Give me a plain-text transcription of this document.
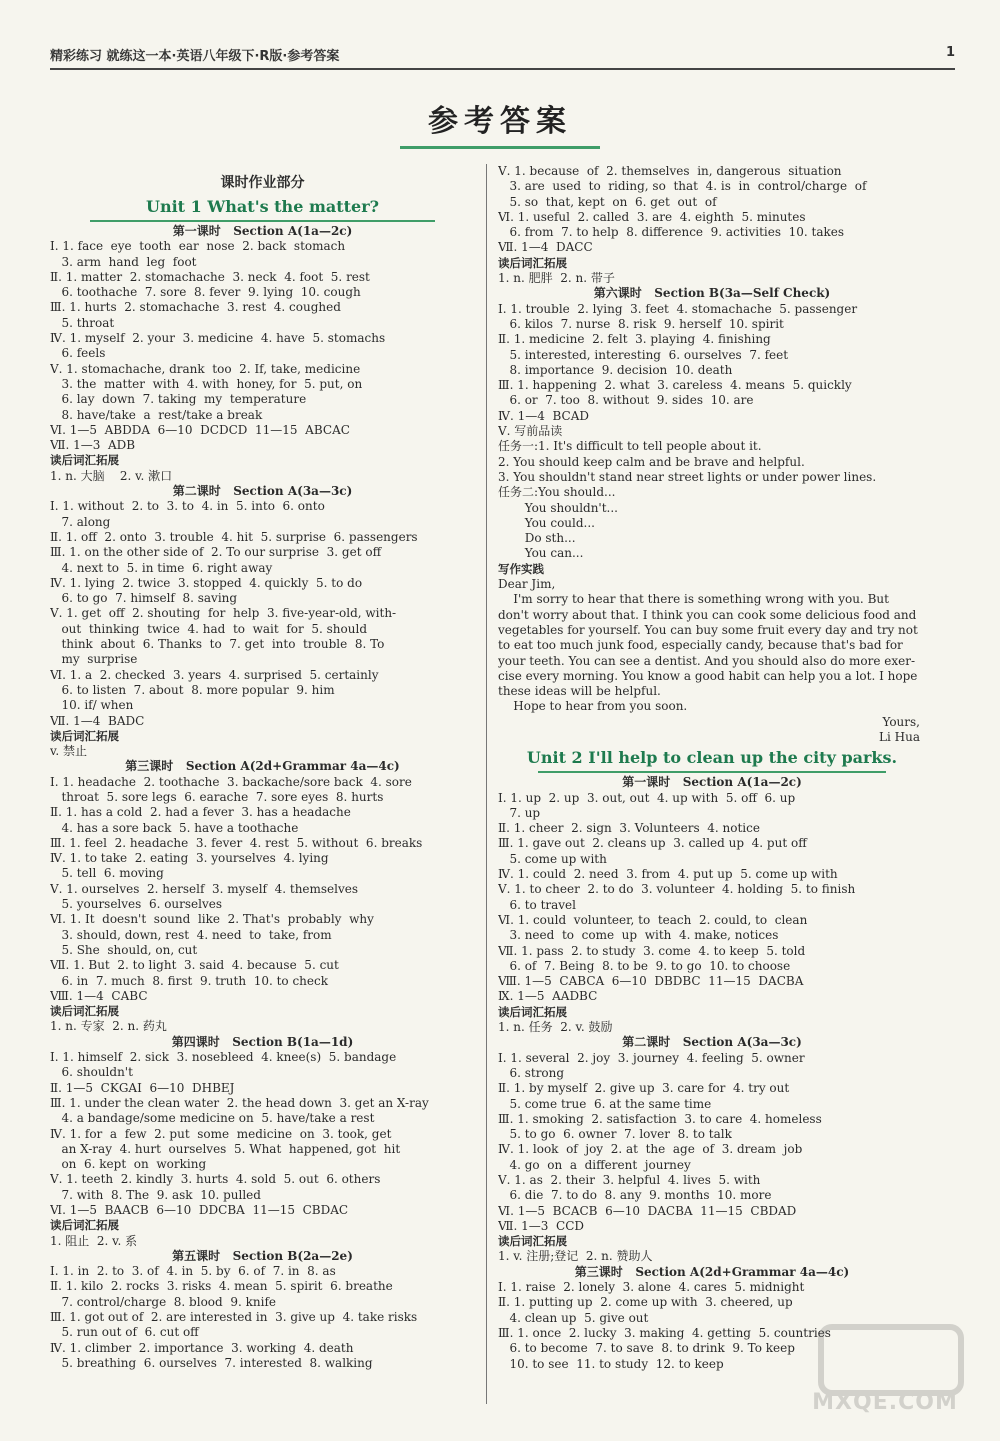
精彩练习 就练这一本·英语八年级下·R版·参考答案	1
参考答案
课时作业部分
Unit 1 What's the matter?
第一课时   Section A(1a—2c)
Ⅰ. 1. face  eye  tooth  ear  nose  2. back  stomach
3. arm  hand  leg  foot
Ⅱ. 1. matter  2. stomachache  3. neck  4. foot  5. rest
6. toothache  7. sore  8. fever  9. lying  10. cough
Ⅲ. 1. hurts  2. stomachache  3. rest  4. coughed
5. throat
Ⅳ. 1. myself  2. your  3. medicine  4. have  5. stomachs
6. feels
Ⅴ. 1. stomachache, drank  too  2. If, take, medicine
3. the  matter  with  4. with  honey, for  5. put, on
6. lay  down  7. taking  my  temperature
8. have/take  a  rest/take a break
Ⅵ. 1—5  ABDDA  6—10  DCDCD  11—15  ABCAC
Ⅶ. 1—3  ADB
读后词汇拓展
1. n. 大脑    2. v. 漱口
第二课时   Section A(3a—3c)
Ⅰ. 1. without  2. to  3. to  4. in  5. into  6. onto
7. along
Ⅱ. 1. off  2. onto  3. trouble  4. hit  5. surprise  6. passengers
Ⅲ. 1. on the other side of  2. To our surprise  3. get off
4. next to  5. in time  6. right away
Ⅳ. 1. lying  2. twice  3. stopped  4. quickly  5. to do
6. to go  7. himself  8. saving
Ⅴ. 1. get  off  2. shouting  for  help  3. five-year-old, with-
out  thinking  twice  4. had  to  wait  for  5. should
think  about  6. Thanks  to  7. get  into  trouble  8. To
my  surprise
Ⅵ. 1. a  2. checked  3. years  4. surprised  5. certainly
6. to listen  7. about  8. more popular  9. him
10. if/ when
Ⅶ. 1—4  BADC
读后词汇拓展
v. 禁止
第三课时   Section A(2d+Grammar 4a—4c)
Ⅰ. 1. headache  2. toothache  3. backache/sore back  4. sore
throat  5. sore legs  6. earache  7. sore eyes  8. hurts
Ⅱ. 1. has a cold  2. had a fever  3. has a headache
4. has a sore back  5. have a toothache
Ⅲ. 1. feel  2. headache  3. fever  4. rest  5. without  6. breaks
Ⅳ. 1. to take  2. eating  3. yourselves  4. lying
5. tell  6. moving
Ⅴ. 1. ourselves  2. herself  3. myself  4. themselves
5. yourselves  6. ourselves
Ⅵ. 1. It  doesn't  sound  like  2. That's  probably  why
3. should, down, rest  4. need  to  take, from
5. She  should, on, cut
Ⅶ. 1. But  2. to light  3. said  4. because  5. cut
6. in  7. much  8. first  9. truth  10. to check
Ⅷ. 1—4  CABC
读后词汇拓展
1. n. 专家  2. n. 药丸
第四课时   Section B(1a—1d)
Ⅰ. 1. himself  2. sick  3. nosebleed  4. knee(s)  5. bandage
6. shouldn't
Ⅱ. 1—5  CKGAI  6—10  DHBEJ
Ⅲ. 1. under the clean water  2. the head down  3. get an X-ray
4. a bandage/some medicine on  5. have/take a rest
Ⅳ. 1. for  a  few  2. put  some  medicine  on  3. took, get
an X-ray  4. hurt  ourselves  5. What  happened, got  hit
on  6. kept  on  working
Ⅴ. 1. teeth  2. kindly  3. hurts  4. sold  5. out  6. others
7. with  8. The  9. ask  10. pulled
Ⅵ. 1—5  BAACB  6—10  DDCBA  11—15  CBDAC
读后词汇拓展
1. 阻止  2. v. 系
第五课时   Section B(2a—2e)
Ⅰ. 1. in  2. to  3. of  4. in  5. by  6. of  7. in  8. as
Ⅱ. 1. kilo  2. rocks  3. risks  4. mean  5. spirit  6. breathe
7. control/charge  8. blood  9. knife
Ⅲ. 1. got out of  2. are interested in  3. give up  4. take risks
5. run out of  6. cut off
Ⅳ. 1. climber  2. importance  3. working  4. death
5. breathing  6. ourselves  7. interested  8. walking
Ⅴ. 1. because  of  2. themselves  in, dangerous  situation
3. are  used  to  riding, so  that  4. is  in  control/charge  of
5. so  that, kept  on  6. get  out  of
Ⅵ. 1. useful  2. called  3. are  4. eighth  5. minutes
6. from  7. to help  8. difference  9. activities  10. takes
Ⅶ. 1—4  DACC
读后词汇拓展
1. n. 肥胖  2. n. 带子
第六课时   Section B(3a—Self Check)
Ⅰ. 1. trouble  2. lying  3. feet  4. stomachache  5. passenger
6. kilos  7. nurse  8. risk  9. herself  10. spirit
Ⅱ. 1. medicine  2. felt  3. playing  4. finishing
5. interested, interesting  6. ourselves  7. feet
8. importance  9. decision  10. death
Ⅲ. 1. happening  2. what  3. careless  4. means  5. quickly
6. or  7. too  8. without  9. sides  10. are
Ⅳ. 1—4  BCAD
Ⅴ. 写前品读
任务一:1. It's difficult to tell people about it.
2. You should keep calm and be brave and helpful.
3. You shouldn't stand near street lights or under power lines.
任务二:You should...
You shouldn't...
You could...
Do sth...
You can...
写作实践
Dear Jim,
I'm sorry to hear that there is something wrong with you. But
don't worry about that. I think you can cook some delicious food and
vegetables for yourself. You can buy some fruit every day and try not
to eat too much junk food, especially candy, because that's bad for
your teeth. You can see a dentist. And you should also do more exer-
cise every morning. You know a good habit can help you a lot. I hope
these ideas will be helpful.
Hope to hear from you soon.
Yours,
Li Hua
Unit 2 I'll help to clean up the city parks.
第一课时   Section A(1a—2c)
Ⅰ. 1. up  2. up  3. out, out  4. up with  5. off  6. up
7. up
Ⅱ. 1. cheer  2. sign  3. Volunteers  4. notice
Ⅲ. 1. gave out  2. cleans up  3. called up  4. put off
5. come up with
Ⅳ. 1. could  2. need  3. from  4. put up  5. come up with
Ⅴ. 1. to cheer  2. to do  3. volunteer  4. holding  5. to finish
6. to travel
Ⅵ. 1. could  volunteer, to  teach  2. could, to  clean
3. need  to  come  up  with  4. make, notices
Ⅶ. 1. pass  2. to study  3. come  4. to keep  5. told
6. of  7. Being  8. to be  9. to go  10. to choose
Ⅷ. 1—5  CABCA  6—10  DBDBC  11—15  DACBA
Ⅸ. 1—5  AADBC
读后词汇拓展
1. n. 任务  2. v. 鼓励
第二课时   Section A(3a—3c)
Ⅰ. 1. several  2. joy  3. journey  4. feeling  5. owner
6. strong
Ⅱ. 1. by myself  2. give up  3. care for  4. try out
5. come true  6. at the same time
Ⅲ. 1. smoking  2. satisfaction  3. to care  4. homeless
5. to go  6. owner  7. lover  8. to talk
Ⅳ. 1. look  of  joy  2. at  the  age  of  3. dream  job
4. go  on  a  different  journey
Ⅴ. 1. as  2. their  3. helpful  4. lives  5. with
6. die  7. to do  8. any  9. months  10. more
Ⅵ. 1—5  BCACB  6—10  DACBA  11—15  CBDAD
Ⅶ. 1—3  CCD
读后词汇拓展
1. v. 注册;登记  2. n. 赞助人
第三课时   Section A(2d+Grammar 4a—4c)
Ⅰ. 1. raise  2. lonely  3. alone  4. cares  5. midnight
Ⅱ. 1. putting up  2. come up with  3. cheered, up
4. clean up  5. give out
Ⅲ. 1. once  2. lucky  3. making  4. getting  5. countries
6. to become  7. to save  8. to drink  9. To keep
10. to see  11. to study  12. to keep
MXQE.COM
